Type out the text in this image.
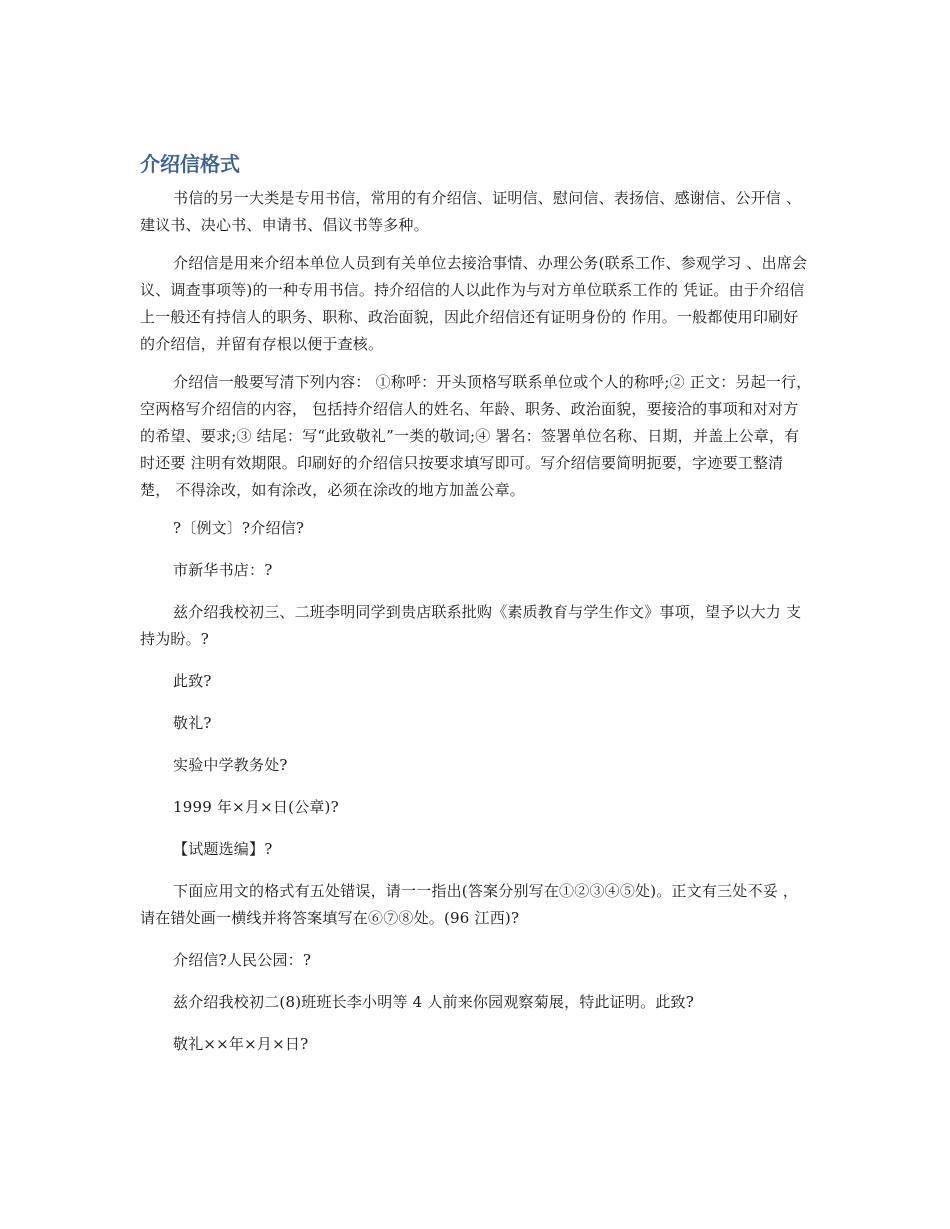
介绍信格式

书信的另一大类是专用书信，常用的有介绍信、证明信、慰问信、表扬信、感谢信、公开信 、建议书、决心书、申请书、倡议书等多种。

介绍信是用来介绍本单位人员到有关单位去接洽事情、办理公务(联系工作、参观学习 、出席会议、调查事项等)的一种专用书信。持介绍信的人以此作为与对方单位联系工作的 凭证。由于介绍信上一般还有持信人的职务、职称、政治面貌，因此介绍信还有证明身份的 作用。一般都使用印刷好的介绍信，并留有存根以便于查核。

介绍信一般要写清下列内容： ①称呼：开头顶格写联系单位或个人的称呼;② 正文：另起一行，空两格写介绍信的内容， 包括持介绍信人的姓名、年龄、职务、政治面貌，要接洽的事项和对对方的希望、要求;③ 结尾：写“此致敬礼”一类的敬词;④ 署名：签署单位名称、日期，并盖上公章，有时还要 注明有效期限。印刷好的介绍信只按要求填写即可。写介绍信要简明扼要，字迹要工整清楚， 不得涂改，如有涂改，必须在涂改的地方加盖公章。

?〔例文〕?介绍信?

市新华书店：?

兹介绍我校初三、二班李明同学到贵店联系批购《素质教育与学生作文》事项，望予以大力 支持为盼。?

此致?

敬礼?

实验中学教务处?

1999 年×月×日(公章)?

【试题选编】?

下面应用文的格式有五处错误，请一一指出(答案分别写在①②③④⑤处)。正文有三处不妥 ，请在错处画一横线并将答案填写在⑥⑦⑧处。(96 江西)?

介绍信?人民公园：?

兹介绍我校初二(8)班班长李小明等 4 人前来你园观察菊展，特此证明。此致?

敬礼××年×月×日?
